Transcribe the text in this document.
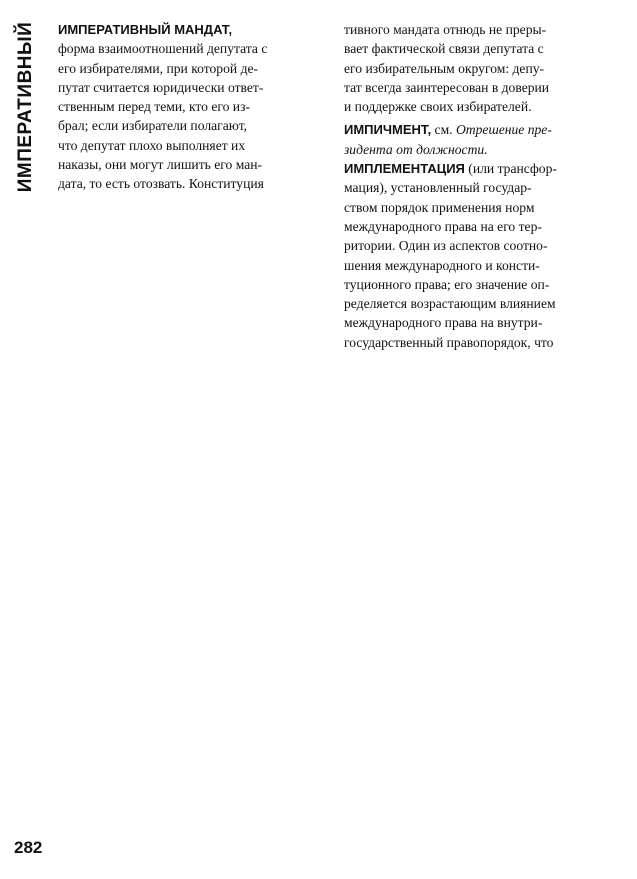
ИМПЕРАТИВНЫЙ
282
ИМПЕРАТИВНЫЙ МАНДАТ,
форма взаимоотношений депутата с
его избирателями, при которой де-
путат считается юридически ответ-
ственным перед теми, кто его из-
брал; если избиратели полагают,
что депутат плохо выполняет их
наказы, они могут лишить его ман-
дата, то есть отозвать. Конституция
тивного мандата отнюдь не преры-
вает фактической связи депутата с
его избирательным округом: депу-
тат всегда заинтересован в доверии
и поддержке своих избирателей.
ИМПИЧМЕНТ, см. Отрешение пре-
зидента от должности.
ИМПЛЕМЕНТАЦИЯ (или трансфор-
мация), установленный государ-
ством порядок применения норм
международного права на его тер-
ритории. Один из аспектов соотно-
шения международного и консти-
туционного права; его значение оп-
ределяется возрастающим влиянием
международного права на внутри-
государственный правопорядок, что
